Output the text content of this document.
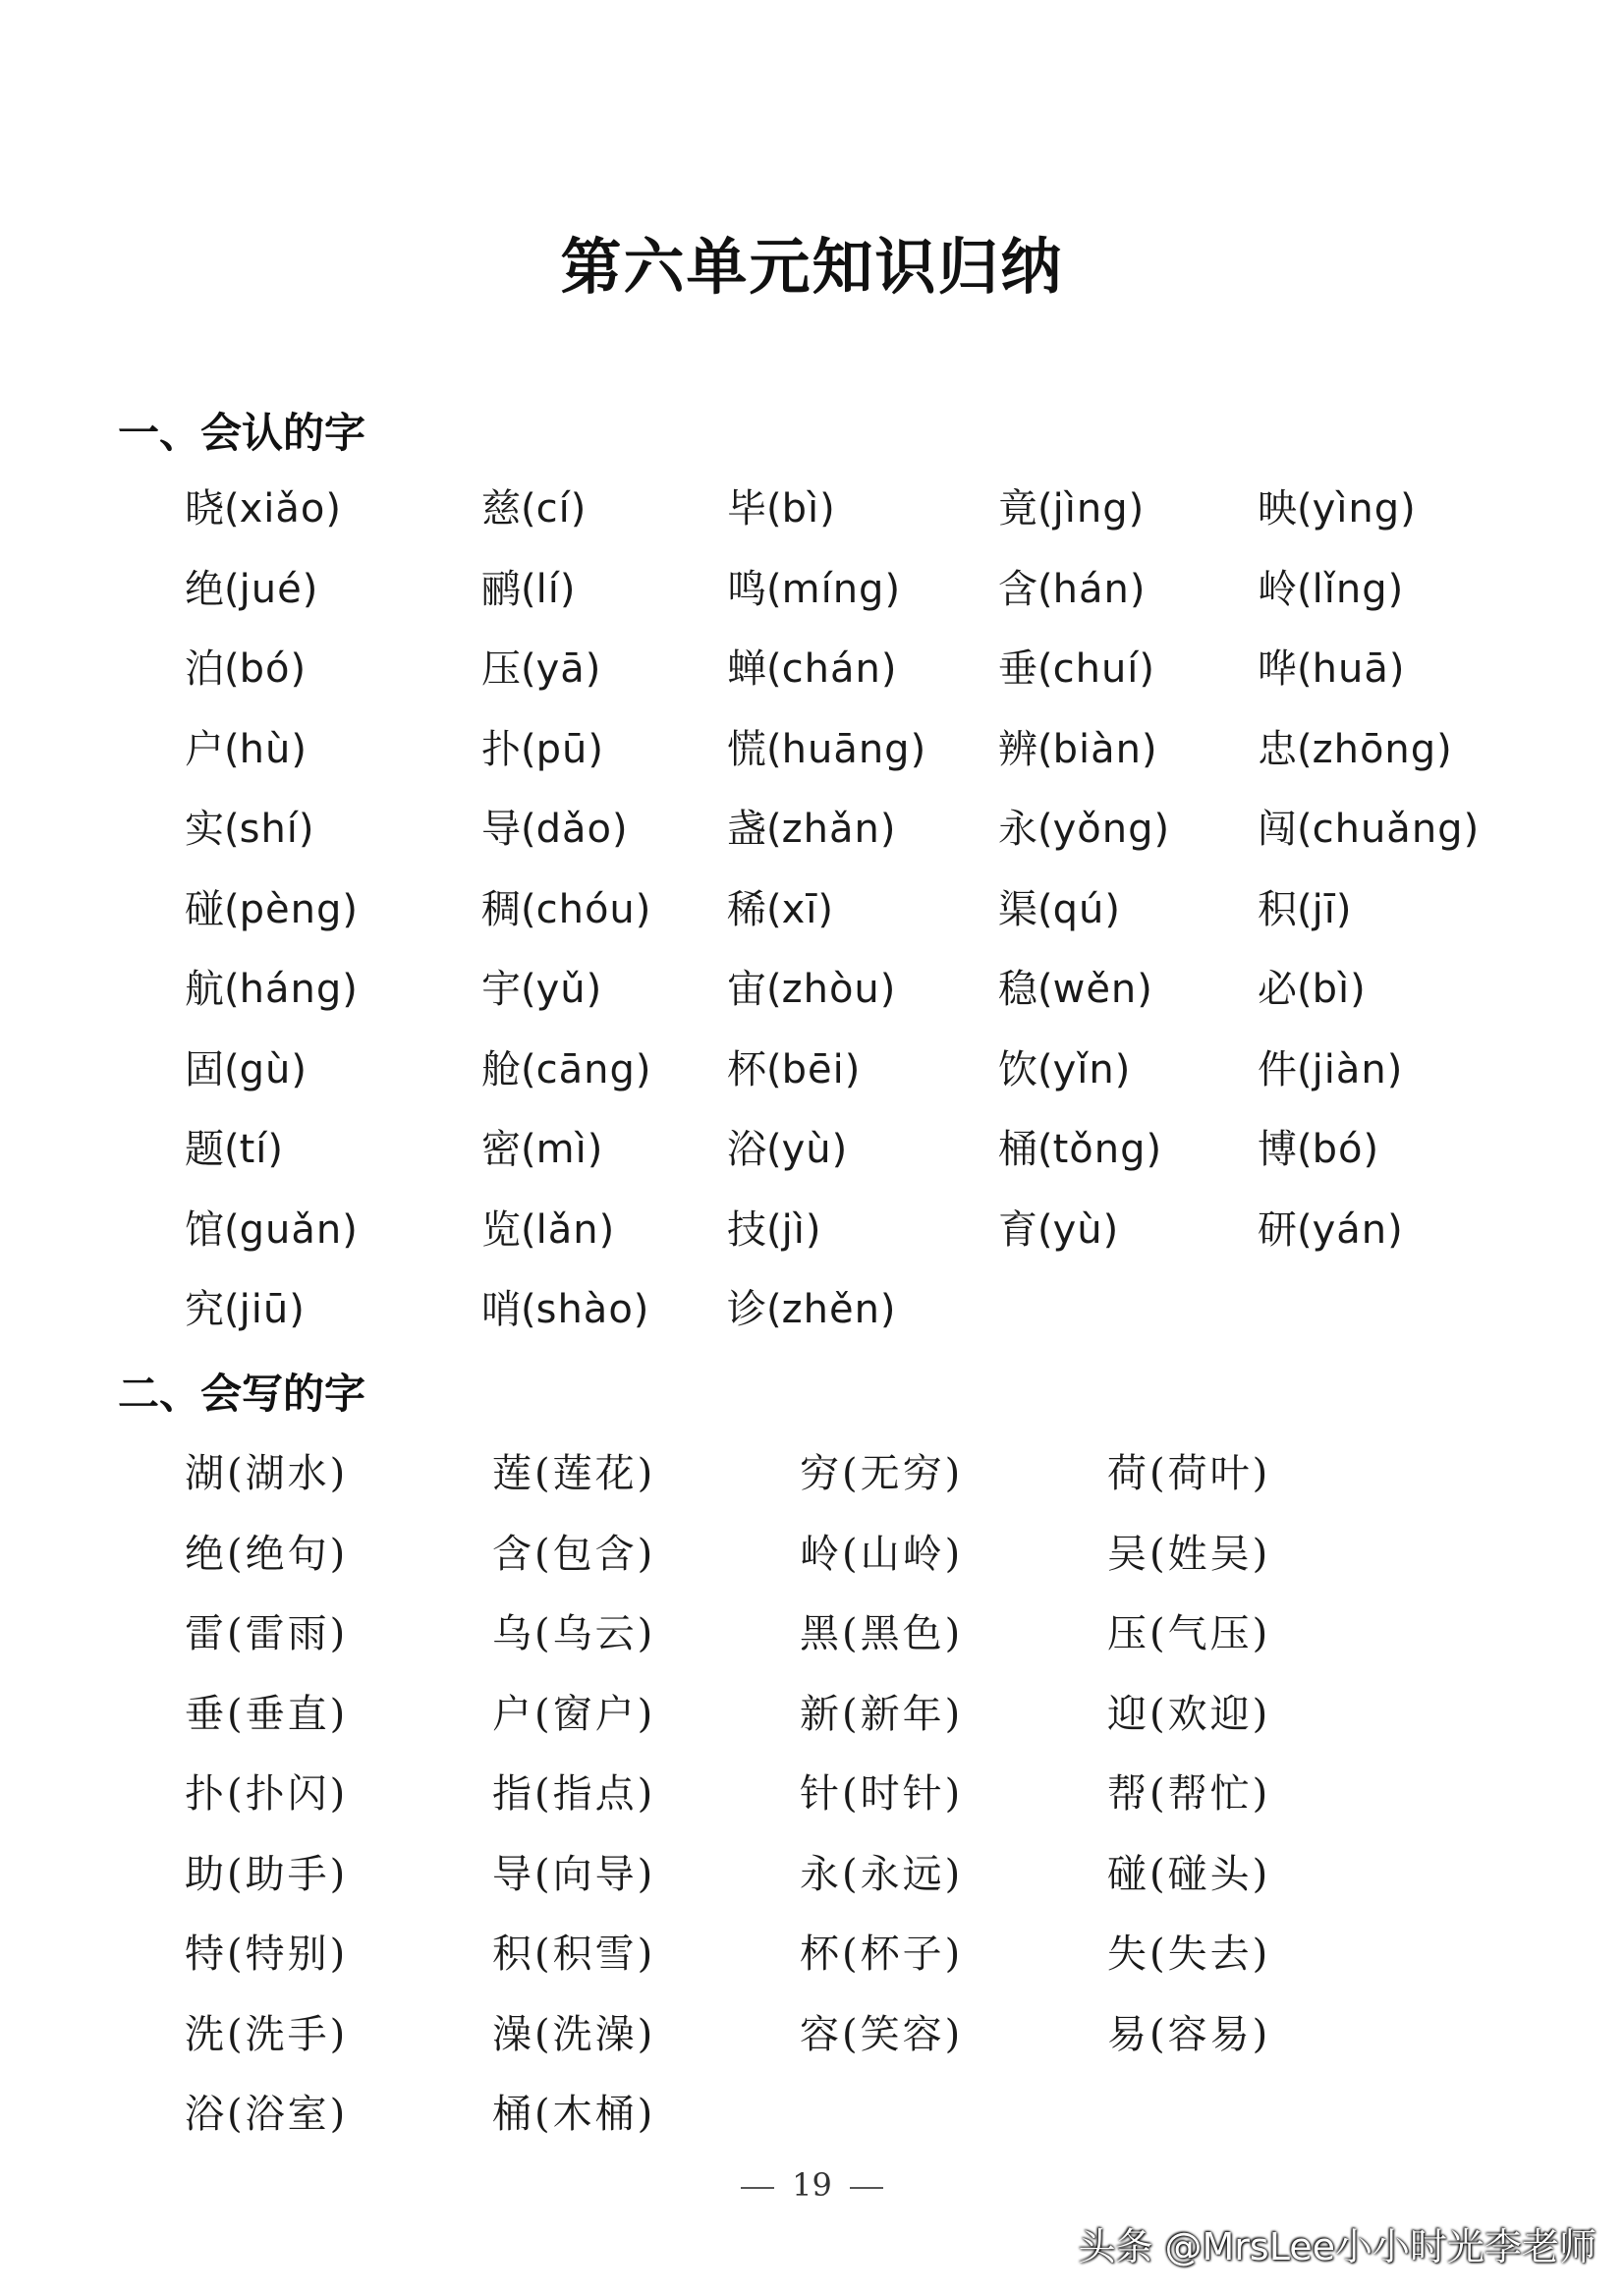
第六单元知识归纳
一、会认的字
晓(xiǎo)	慈(cí)	毕(bì)	竟(jìng)	映(yìng)
绝(jué)	鹂(lí)	鸣(míng)	含(hán)	岭(lǐng)
泊(bó)	压(yā)	蝉(chán)	垂(chuí)	哗(huā)
户(hù)	扑(pū)	慌(huāng)	辨(biàn)	忠(zhōng)
实(shí)	导(dǎo)	盏(zhǎn)	永(yǒng)	闯(chuǎng)
碰(pèng)	稠(chóu)	稀(xī)	渠(qú)	积(jī)
航(háng)	宇(yǔ)	宙(zhòu)	稳(wěn)	必(bì)
固(gù)	舱(cāng)	杯(bēi)	饮(yǐn)	件(jiàn)
题(tí)	密(mì)	浴(yù)	桶(tǒng)	博(bó)
馆(guǎn)	览(lǎn)	技(jì)	育(yù)	研(yán)
究(jiū)	哨(shào)	诊(zhěn)
二、会写的字
湖(湖水)	莲(莲花)	穷(无穷)	荷(荷叶)
绝(绝句)	含(包含)	岭(山岭)	吴(姓吴)
雷(雷雨)	乌(乌云)	黑(黑色)	压(气压)
垂(垂直)	户(窗户)	新(新年)	迎(欢迎)
扑(扑闪)	指(指点)	针(时针)	帮(帮忙)
助(助手)	导(向导)	永(永远)	碰(碰头)
特(特别)	积(积雪)	杯(杯子)	失(失去)
洗(洗手)	澡(洗澡)	容(笑容)	易(容易)
浴(浴室)	桶(木桶)
19
头条 @MrsLee小小时光李老师
